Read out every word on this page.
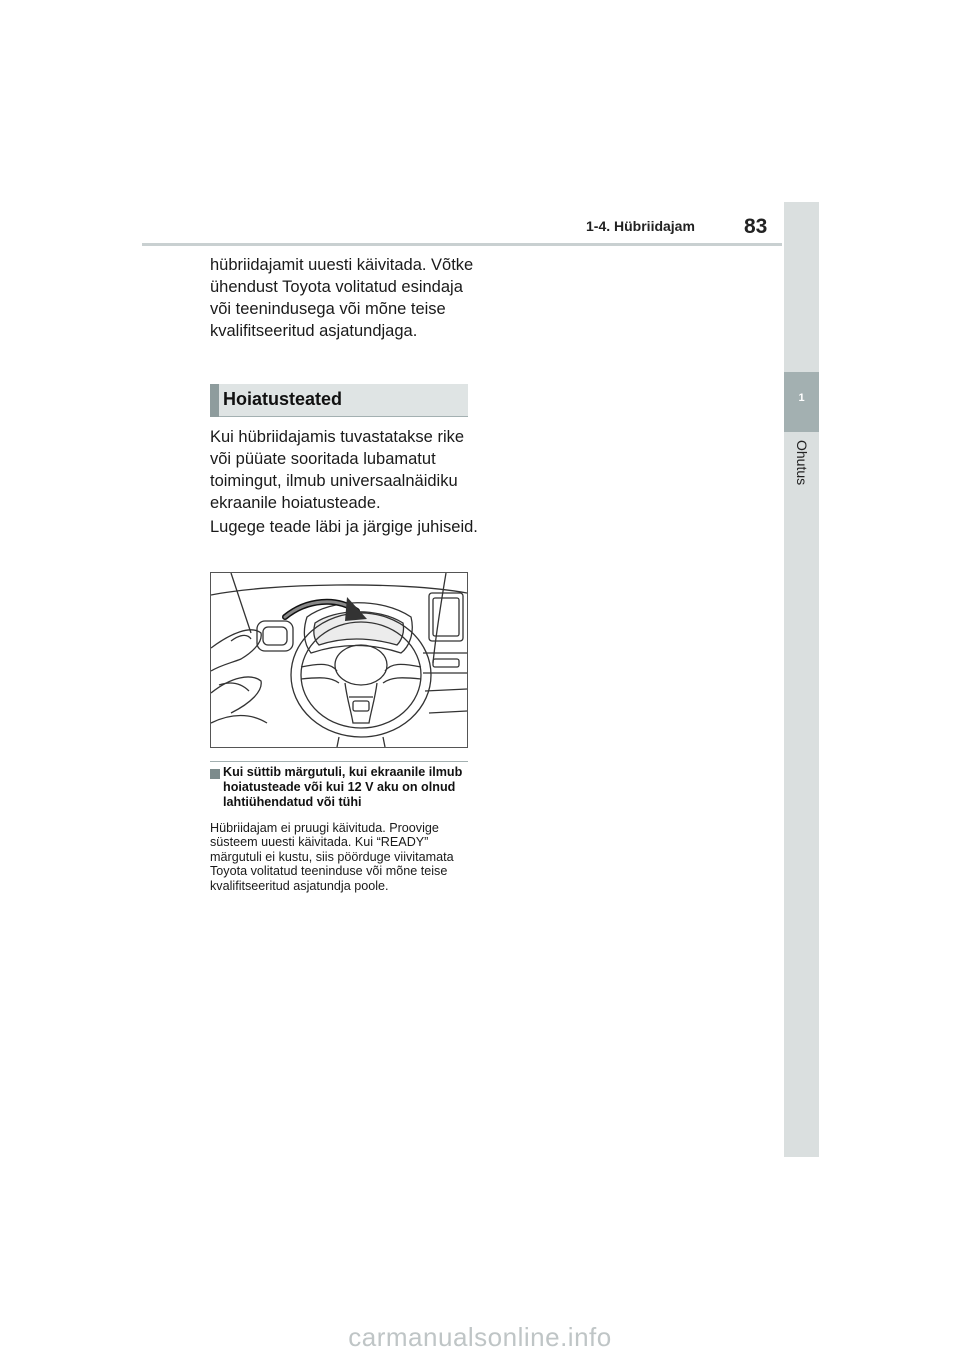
1-4. Hübriidajam 83
1
Ohutus

hübriidajamit uuesti käivitada. Võtke ühendust Toyota volitatud esindaja või teenindusega või mõne teise kvalifitseeritud asjatundjaga.

Hoiatusteated

Kui hübriidajamis tuvastatakse rike või püüate sooritada lubamatut toimingut, ilmub universaalnäidiku ekraanile hoiatusteade.

Lugege teade läbi ja järgige juhiseid.

Kui süttib märgutuli, kui ekraanile ilmub hoiatusteade või kui 12 V aku on olnud lahtiühendatud või tühi
Hübriidajam ei pruugi käivituda. Proovige süsteem uuesti käivitada. Kui “READY” märgutuli ei kustu, siis pöörduge viivitamata Toyota volitatud teeninduse või mõne teise kvalifitseeritud asjatundja poole.
carmanualsonline.info
